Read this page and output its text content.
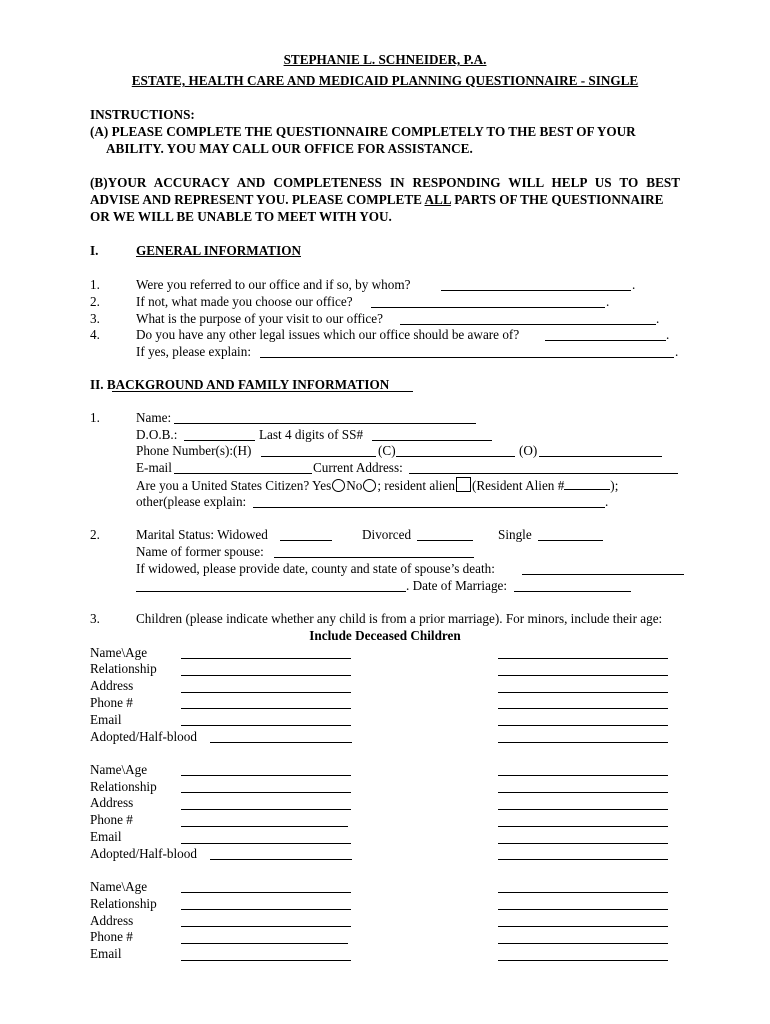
STEPHANIE L. SCHNEIDER, P.A.
ESTATE, HEALTH CARE AND MEDICAID PLANNING QUESTIONNAIRE - SINGLE
INSTRUCTIONS:
(A) PLEASE COMPLETE THE QUESTIONNAIRE COMPLETELY TO THE BEST OF YOUR
ABILITY. YOU MAY CALL OUR OFFICE FOR ASSISTANCE.
(B)YOUR ACCURACY AND COMPLETENESS IN RESPONDING WILL HELP US TO BEST
ADVISE AND REPRESENT YOU. PLEASE COMPLETE ALL PARTS OF THE QUESTIONNAIRE
OR WE WILL BE UNABLE TO MEET WITH YOU.
I.	GENERAL INFORMATION
1.	Were you referred to our office and if so, by whom?	.
2.	If not, what made you choose our office?	.
3.	What is the purpose of your visit to our office?	.
4.	Do you have any other legal issues which our office should be aware of?	.
If yes, please explain:	.
II. BACKGROUND AND FAMILY INFORMATION
1.	Name:
D.O.B.:	Last 4 digits of SS#
Phone Number(s):(H)	(C)	(O)
E-mail	Current Address:
Are you a United States Citizen? Yes No ; resident alien (Resident Alien #	);
other(please explain:	.
2.	Marital Status: Widowed	Divorced	Single
Name of former spouse:
If widowed, please provide date, county and state of spouse’s death:
. Date of Marriage:
3.	Children (please indicate whether any child is from a prior marriage). For minors, include their age:
Include Deceased Children
Name\Age
Relationship
Address
Phone #
Email
Adopted/Half-blood
Name\Age
Relationship
Address
Phone #
Email
Adopted/Half-blood
Name\Age
Relationship
Address
Phone #
Email
